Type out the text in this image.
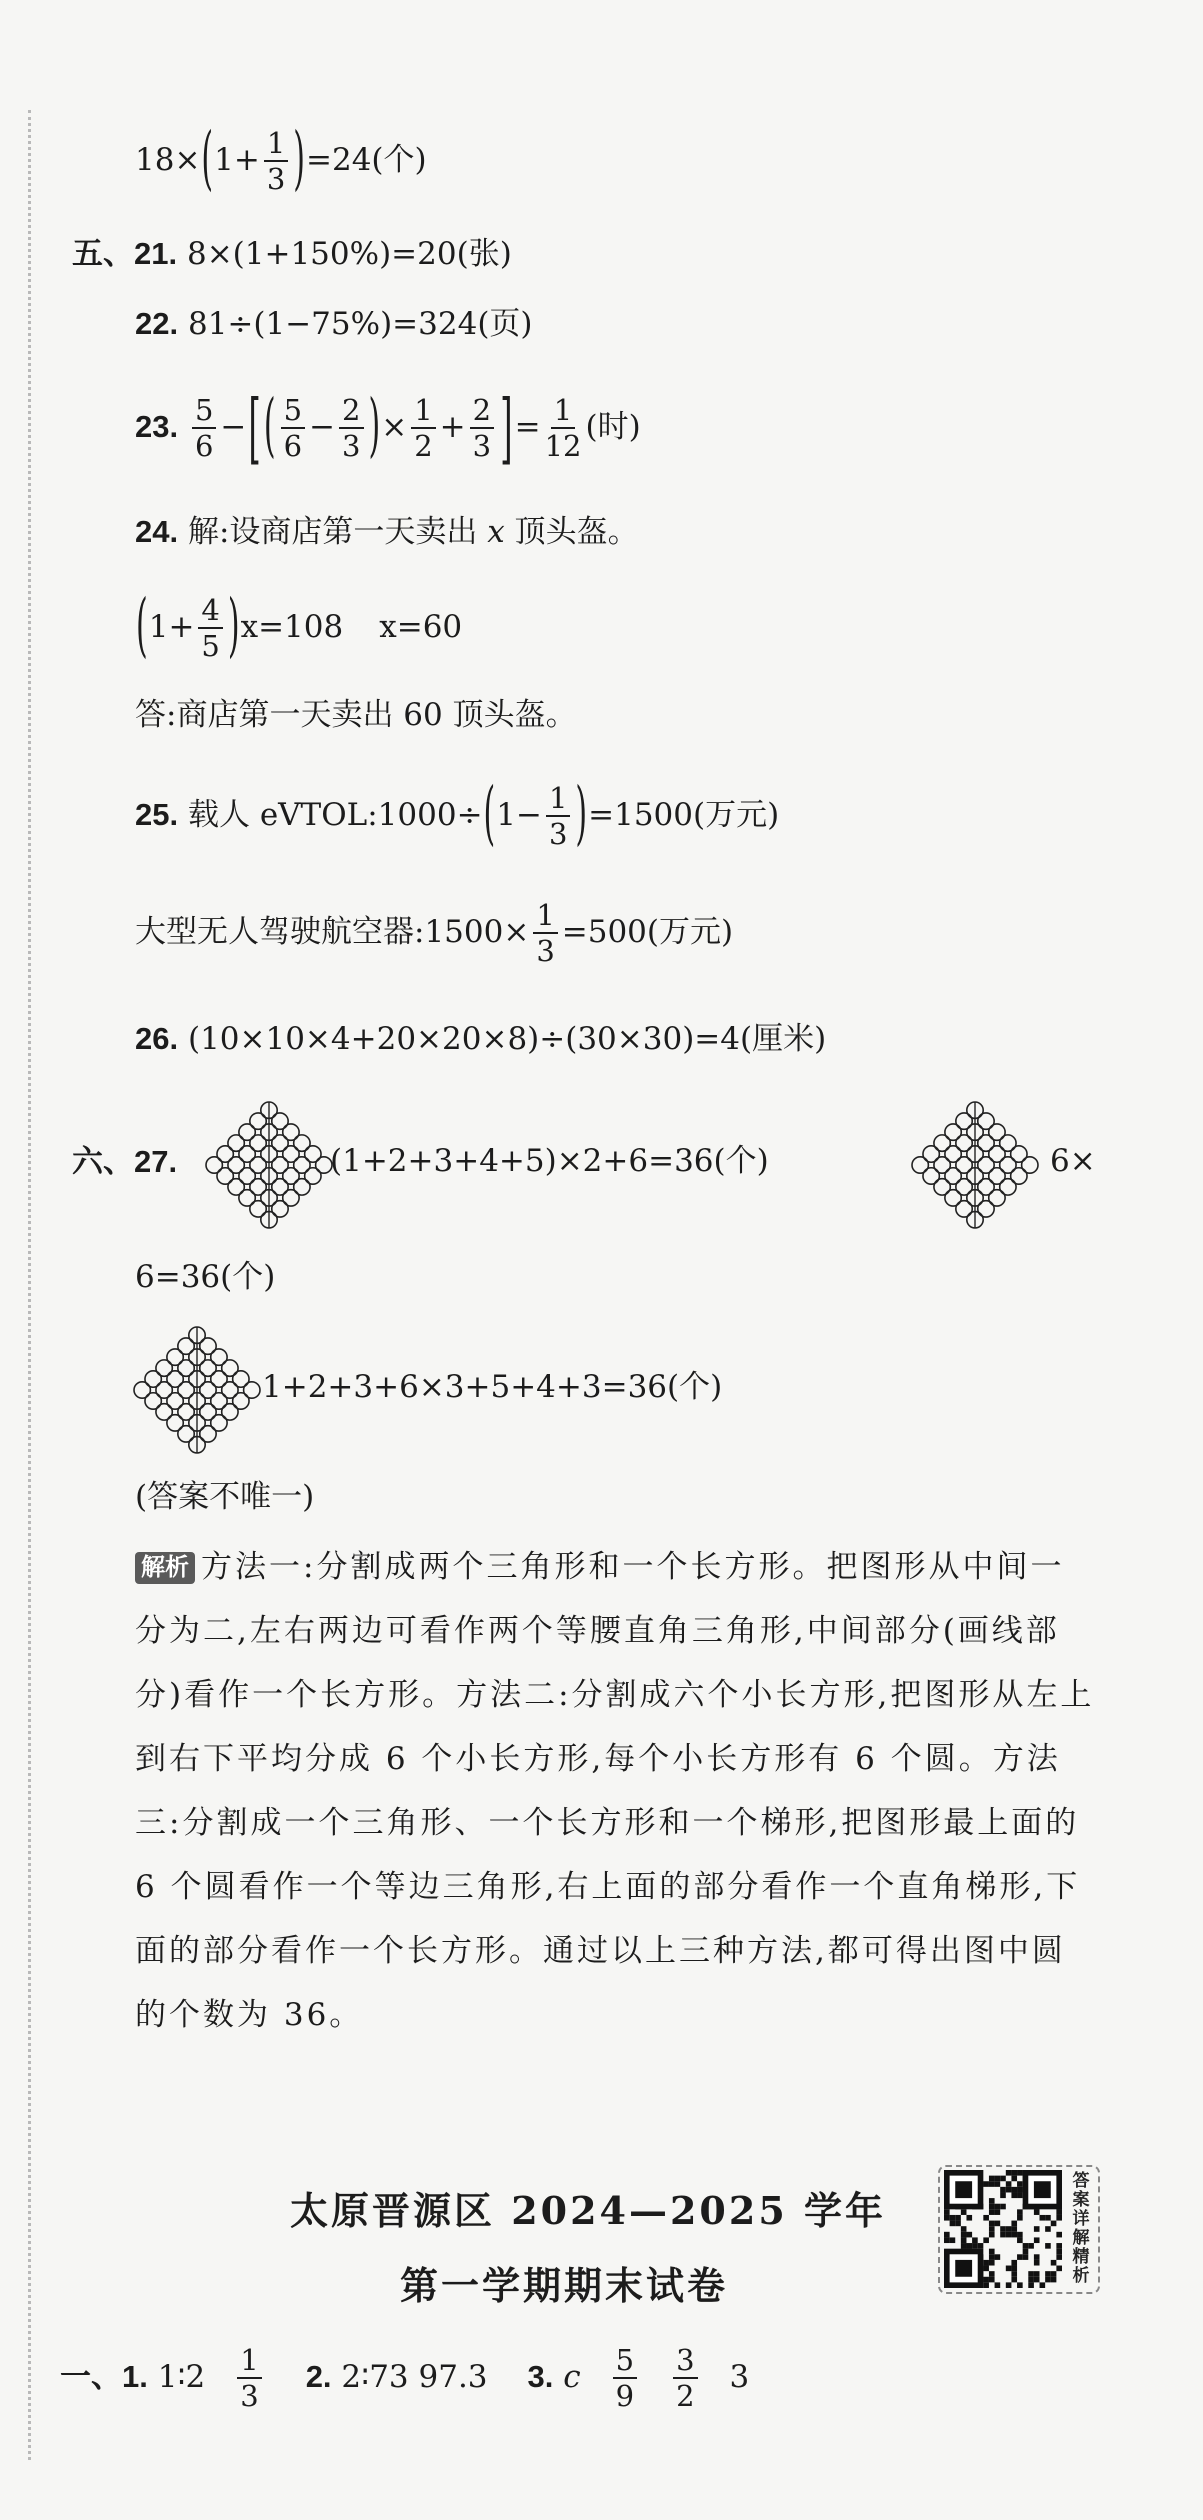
$18\times(1+ \frac{1}{3} )=24$(个)
五、21. 8×(1+150%)=20(张)
22. 81÷(1−75%)=324(页)
23. $\frac{5}{6}$ −[ ( $\frac{5}{6} - \frac{2}{3}$ )× $\frac{1}{2} + \frac{2}{3}$ ]= $\frac{1}{12}$ (时)
24. 解:设商店第一天卖出 x 顶头盔。
$(1+ \frac{4}{5} )x=108$ x=60
答:商店第一天卖出 60 顶头盔。
25. 载人 eVTOL:1000÷(1− $\frac{1}{3} )=1500$(万元)
大型无人驾驶航空器:1500× $\frac{1}{3} =500$(万元)
26. (10×10×4+20×20×8)÷(30×30)=4(厘米)
六、27.	(1+2+3+4+5)×2+6=36(个)	6×
6=36(个)
1+2+3+6×3+5+4+3=36(个)
(答案不唯一)
解析 方法一:分割成两个三角形和一个长方形。把图形从中间一分为二,左右两边可看作两个等腰直角三角形,中间部分(画线部分)看作一个长方形。方法二:分割成六个小长方形,把图形从左上到右下平均分成 6 个小长方形,每个小长方形有 6 个圆。方法三:分割成一个三角形、一个长方形和一个梯形,把图形最上面的 6 个圆看作一个等边三角形,右上面的部分看作一个直角梯形,下面的部分看作一个长方形。通过以上三种方法,都可得出图中圆的个数为 36。
太原晋源区 2024—2025 学年
第一学期期末试卷
答案详解精析
一、1. 1∶2 $\frac{1}{3} 2$. 2∶73 97.3 3. c $\frac{5}{9} \frac{3}{2} 3$
